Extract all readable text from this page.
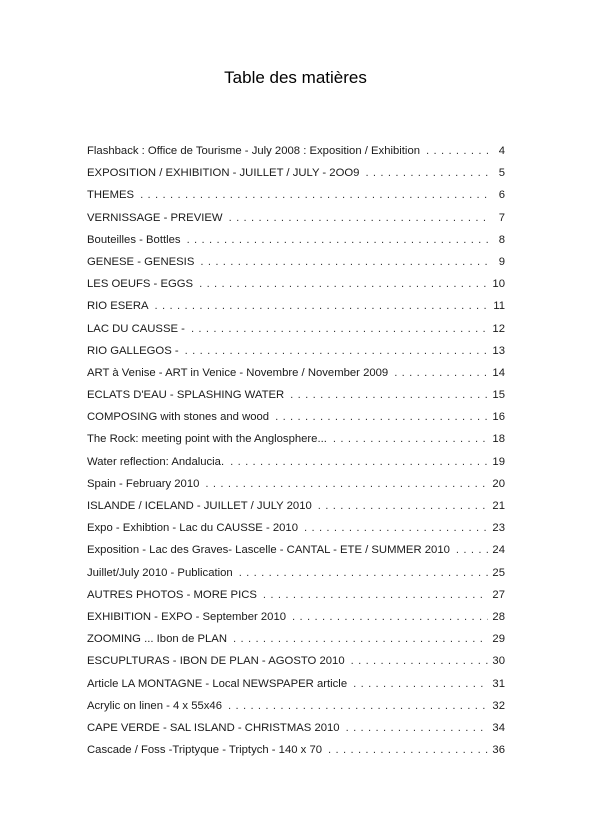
Table des matières
Flashback : Office de Tourisme - July 2008 : Exposition / Exhibition . . .	4
EXPOSITION / EXHIBITION - JUILLET / JULY - 2OO9 . . .	5
THEMES . . .	6
VERNISSAGE - PREVIEW . . .	7
Bouteilles - Bottles . . .	8
GENESE - GENESIS . . .	9
LES OEUFS - EGGS . . .	10
RIO ESERA . . .	11
LAC DU CAUSSE - . . .	12
RIO GALLEGOS - . . .	13
ART à Venise - ART in Venice - Novembre / November 2009 . . .	14
ECLATS D'EAU - SPLASHING WATER . . .	15
COMPOSING with stones and wood . . .	16
The Rock: meeting point with the Anglosphere... . . .	18
Water reflection: Andalucia. . . .	19
Spain - February 2010 . . .	20
ISLANDE / ICELAND - JUILLET / JULY 2010 . . .	21
Expo - Exhibtion - Lac du CAUSSE - 2010 . . .	23
Exposition - Lac des Graves- Lascelle - CANTAL - ETE / SUMMER 2010 . . .	24
Juillet/July 2010 - Publication . . .	25
AUTRES PHOTOS - MORE PICS . . .	27
EXHIBITION - EXPO - September 2010 . . .	28
ZOOMING ... Ibon de PLAN . . .	29
ESCUPLTURAS - IBON DE PLAN - AGOSTO 2010 . . .	30
Article LA MONTAGNE - Local NEWSPAPER article . . .	31
Acrylic on linen - 4 x 55x46 . . .	32
CAPE VERDE - SAL ISLAND - CHRISTMAS 2010 . . .	34
Cascade / Foss -Triptyque - Triptych - 140 x 70 . . .	36
